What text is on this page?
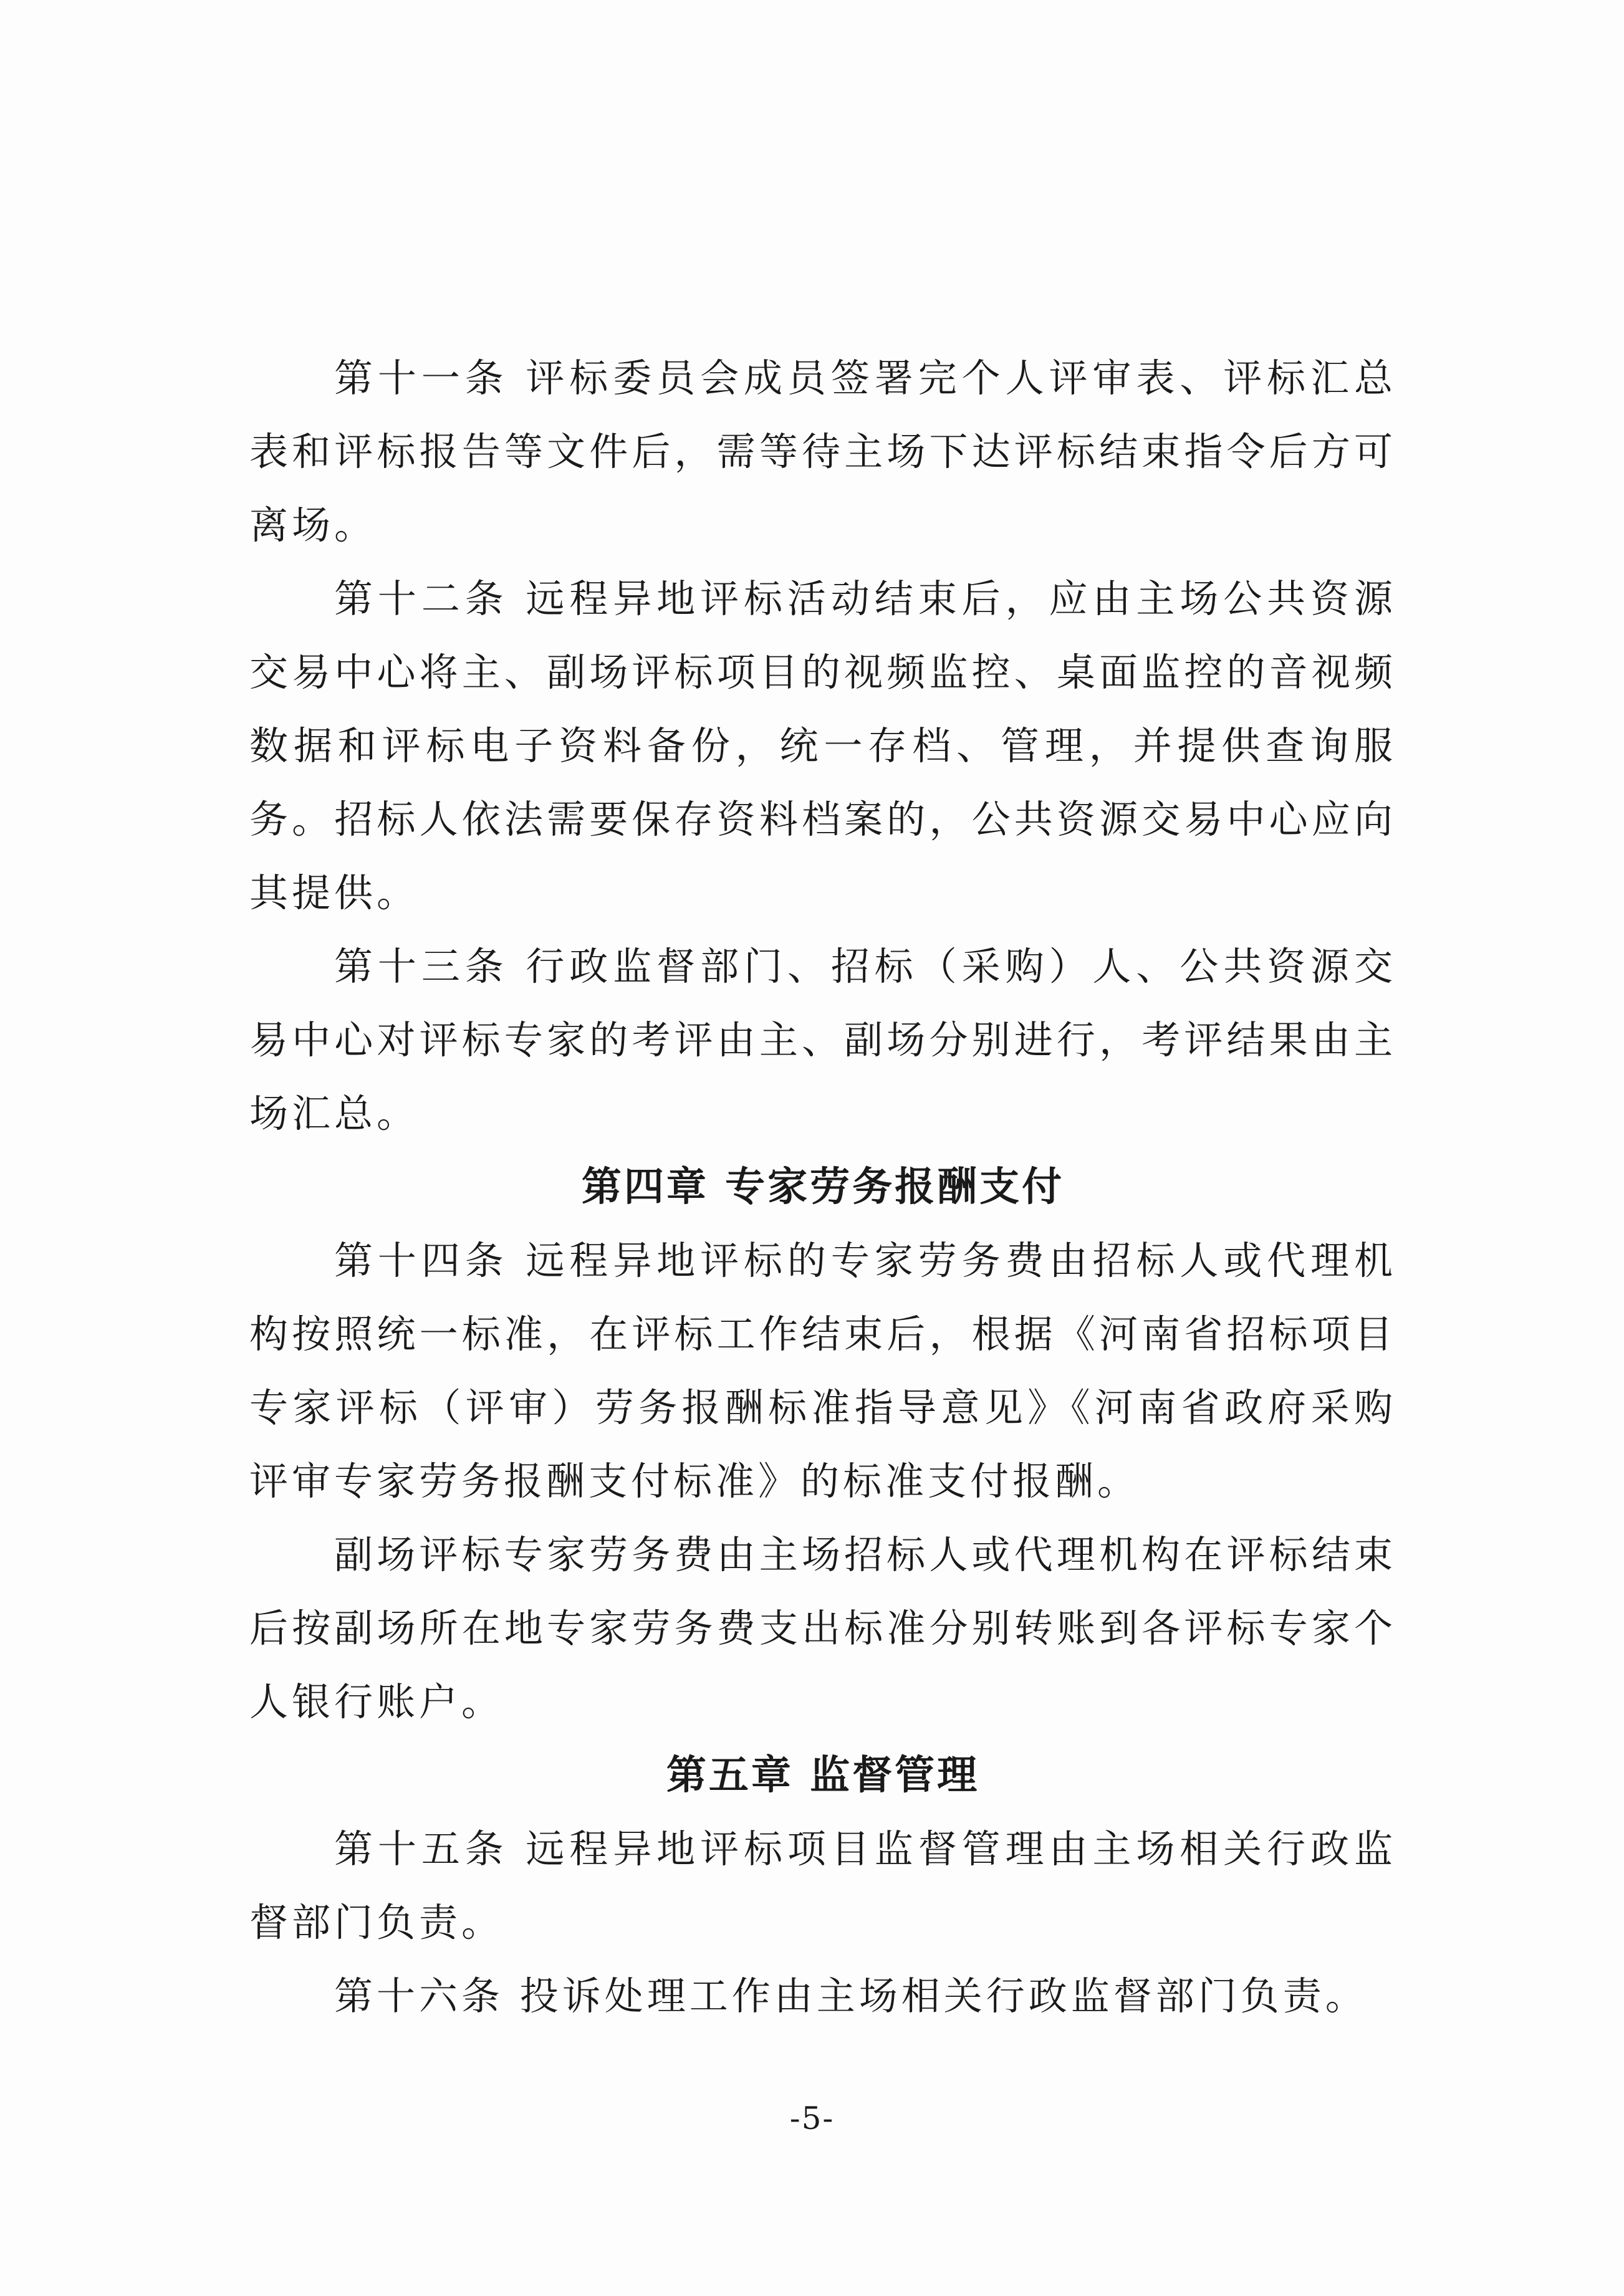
第十一条 评标委员会成员签署完个人评审表、评标汇总表和评标报告等文件后，需等待主场下达评标结束指令后方可离场。

第十二条 远程异地评标活动结束后，应由主场公共资源交易中心将主、副场评标项目的视频监控、桌面监控的音视频数据和评标电子资料备份，统一存档、管理，并提供查询服务。招标人依法需要保存资料档案的，公共资源交易中心应向其提供。

第十三条 行政监督部门、招标（采购）人、公共资源交易中心对评标专家的考评由主、副场分别进行，考评结果由主场汇总。

第四章 专家劳务报酬支付

第十四条 远程异地评标的专家劳务费由招标人或代理机构按照统一标准，在评标工作结束后，根据《河南省招标项目专家评标（评审）劳务报酬标准指导意见》《河南省政府采购评审专家劳务报酬支付标准》的标准支付报酬。

副场评标专家劳务费由主场招标人或代理机构在评标结束后按副场所在地专家劳务费支出标准分别转账到各评标专家个人银行账户。

第五章 监督管理

第十五条 远程异地评标项目监督管理由主场相关行政监督部门负责。

第十六条 投诉处理工作由主场相关行政监督部门负责。

-5-
